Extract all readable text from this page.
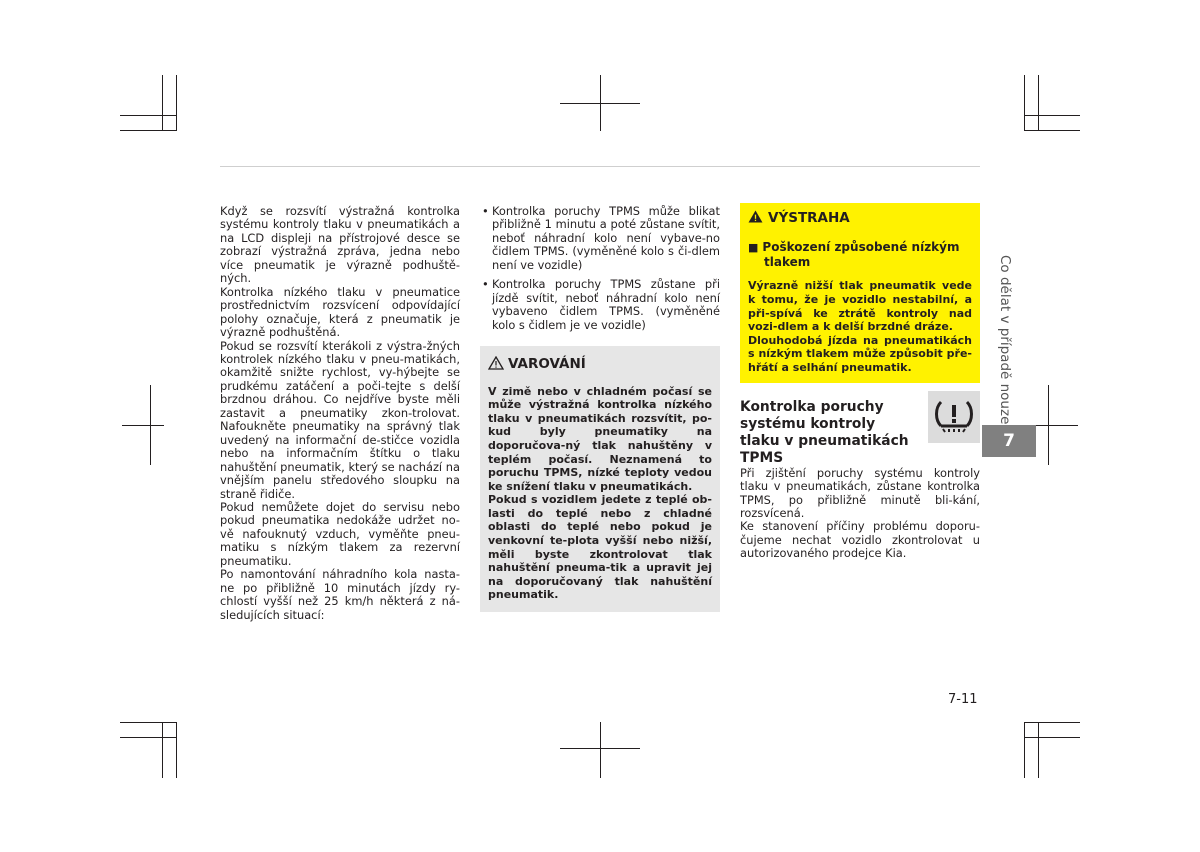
Když se rozsvítí výstražná kontrolka systému kontroly tlaku v pneumatikách a na LCD displeji na přístrojové desce se zobrazí výstražná zpráva, jedna nebo více pneumatik je výrazně podhuště-ných.

Kontrolka nízkého tlaku v pneumatice prostřednictvím rozsvícení odpovídající polohy označuje, která z pneumatik je výrazně podhuštěná.

Pokud se rozsvítí kterákoli z výstra-žných kontrolek nízkého tlaku v pneu-matikách, okamžitě snižte rychlost, vy-hýbejte se prudkému zatáčení a poči-tejte s delší brzdnou dráhou. Co nejdříve byste měli zastavit a pneumatiky zkon-trolovat. Nafoukněte pneumatiky na správný tlak uvedený na informační de-stičce vozidla nebo na informačním štítku o tlaku nahuštění pneumatik, který se nachází na vnějším panelu středového sloupku na straně řidiče.

Pokud nemůžete dojet do servisu nebo pokud pneumatika nedokáže udržet no-vě nafouknutý vzduch, vyměňte pneu-matiku s nízkým tlakem za rezervní pneumatiku.

Po namontování náhradního kola nasta-ne po přibližně 10 minutách jízdy ry-chlostí vyšší než 25 km/h některá z ná-sledujících situací:

• Kontrolka poruchy TPMS může blikat přibližně 1 minutu a poté zůstane svítit, neboť náhradní kolo není vybave-no čidlem TPMS. (vyměněné kolo s či-dlem není ve vozidle)
• Kontrolka poruchy TPMS zůstane při jízdě svítit, neboť náhradní kolo není vybaveno čidlem TPMS. (vyměněné kolo s čidlem je ve vozidle)
VAROVÁNÍ

V zimě nebo v chladném počasí se může výstražná kontrolka nízkého tlaku v pneumatikách rozsvítit, po-kud byly pneumatiky na doporučova-ný tlak nahuštěny v teplém počasí. Neznamená to poruchu TPMS, nízké teploty vedou ke snížení tlaku v pneumatikách.

Pokud s vozidlem jedete z teplé ob-lasti do teplé nebo z chladné oblasti do teplé nebo pokud je venkovní te-plota vyšší nebo nižší, měli byste zkontrolovat tlak nahuštění pneuma-tik a upravit jej na doporučovaný tlak nahuštění pneumatik.

VÝSTRAHA
■ Poškození způsobené nízkým
tlakem

Výrazně nižší tlak pneumatik vede k tomu, že je vozidlo nestabilní, a při-spívá ke ztrátě kontroly nad vozi-dlem a k delší brzdné dráze.

Dlouhodobá jízda na pneumatikách s nízkým tlakem může způsobit pře-hřátí a selhání pneumatik.

Kontrolka poruchy systému kontroly tlaku v pneumatikách TPMS

Při zjištění poruchy systému kontroly tlaku v pneumatikách, zůstane kontrolka TPMS, po přibližně minutě bli-kání, rozsvícená.

Ke stanovení příčiny problému doporu-čujeme nechat vozidlo zkontrolovat u autorizovaného prodejce Kia.

Co dělat v případě nouze
7
7-11
